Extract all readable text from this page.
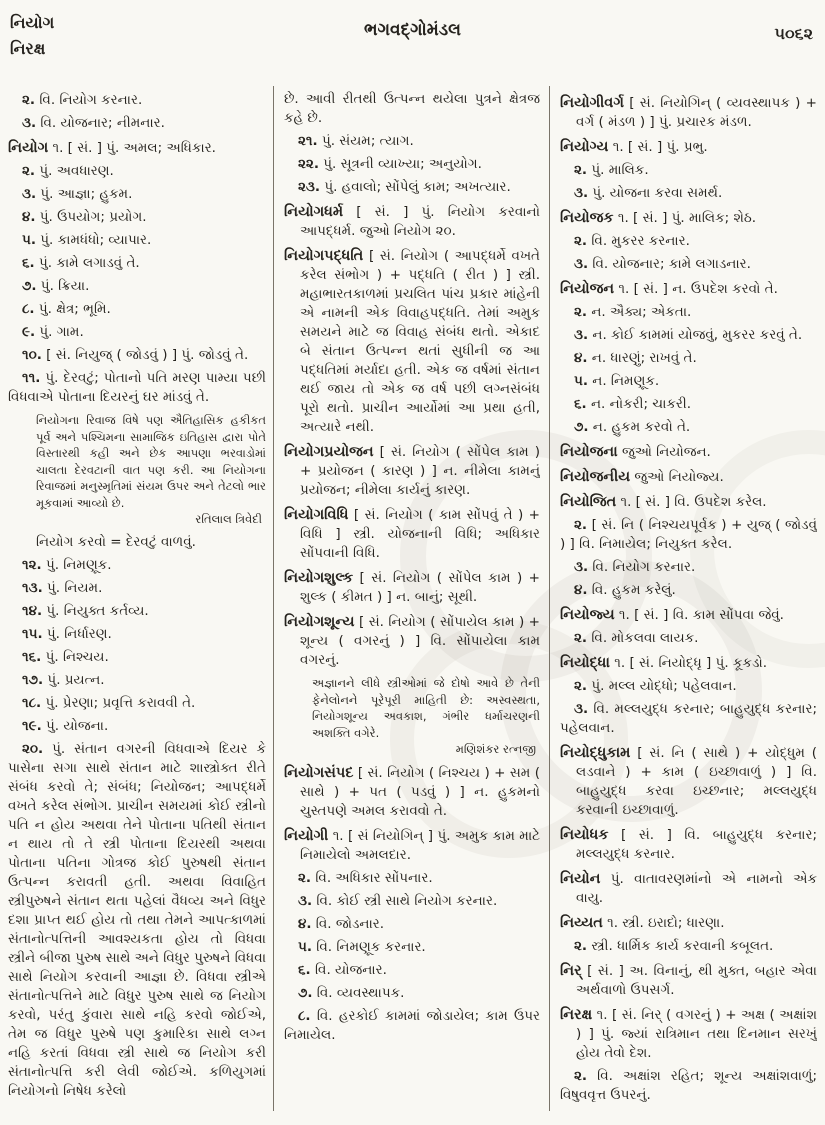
નિયોગ
નિરક્ષ
ભગવદ્ગોમંડલ	૫૦૬૨
૨. વિ. નિયોગ કરનાર.
૩. વિ. યોજનાર; નીમનાર.
નિયોગ ૧. [ સં. ] પું. અમલ; અધિકાર.
૨. પું. અવધારણ.
૩. પું. આજ્ઞા; હુકમ.
૪. પું. ઉપયોગ; પ્રયોગ.
૫. પું. કામધંધો; વ્યાપાર.
૬. પું. કામે લગાડવું તે.
૭. પું. ક્રિયા.
૮. પું. ક્ષેત્ર; ભૂમિ.
૯. પું. ગામ.
૧૦. [ સં. નિયુજ્ ( જોડવું ) ] પું. જોડવું તે.
૧૧. પું. દેરવટું; પોતાનો પતિ મરણ પામ્યા પછી વિધવાએ પોતાના દિયરનું ઘર માંડવું તે.
નિયોગના રિવાજ વિષે પણ ઐતિહાસિક હકીકત પૂર્વ અને પશ્ચિમના સામાજિક ઇતિહાસ દ્વારા પોતે વિસ્તારથી કહી અને છેક આપણા ભરવાડોમાં ચાલતા દેરવટાની વાત પણ કરી. આ નિયોગના રિવાજમાં મનુસ્મૃતિમાં સંયમ ઉપર અને તેટલો ભાર મૂકવામાં આવ્યો છે.
રતિલાલ ત્રિવેદી
નિયોગ કરવો = દેરવટું વાળવું.
૧૨. પું. નિમણૂક.
૧૩. પું. નિયમ.
૧૪. પું. નિયુક્ત કર્તવ્ય.
૧૫. પું. નિર્ધારણ.
૧૬. પું. નિશ્ચય.
૧૭. પું. પ્રયત્ન.
૧૮. પું. પ્રેરણા; પ્રવૃત્તિ કરાવવી તે.
૧૯. પું. યોજના.
૨૦. પું. સંતાન વગરની વિધવાએ દિયર કે પાસેના સગા સાથે સંતાન માટે શાસ્ત્રોક્ત રીતે સંબંધ કરવો તે; સંબંધ; નિયોજન; આપદ્ધર્મે વખતે કરેલ સંભોગ. પ્રાચીન સમયમાં કોઈ સ્ત્રીનો પતિ ન હોય અથવા તેને પોતાના પતિથી સંતાન ન થાય તો તે સ્ત્રી પોતાના દિયરથી અથવા પોતાના પતિના ગોત્રજ કોઈ પુરુષથી સંતાન ઉત્પન્ન કરાવતી હતી. અથવા વિવાહિત સ્ત્રીપુરુષને સંતાન થતા પહેલાં વૈધવ્ય અને વિધુર દશા પ્રાપ્ત થઈ હોય તો તથા તેમને આપત્કાળમાં સંતાનોત્પત્તિની આવશ્યકતા હોય તો વિધવા સ્ત્રીને બીજા પુરુષ સાથે અને વિધુર પુરુષને વિધવા સાથે નિયોગ કરવાની આજ્ઞા છે. વિધવા સ્ત્રીએ સંતાનોત્પત્તિને માટે વિધુર પુરુષ સાથે જ નિયોગ કરવો, પરંતુ કુંવારા સાથે નહિ કરવો જોઈએ, તેમ જ વિધુર પુરુષે પણ કુમારિકા સાથે લગ્ન નહિ કરતાં વિધવા સ્ત્રી સાથે જ નિયોગ કરી સંતાનોત્પત્તિ કરી લેવી જોઈએ. કળિયુગમાં નિયોગનો નિષેધ કરેલો
છે. આવી રીતથી ઉત્પન્ન થયેલા પુત્રને ક્ષેત્રજ કહે છે.
૨૧. પું. સંયમ; ત્યાગ.
૨૨. પું. સૂત્રની વ્યાખ્યા; અનુયોગ.
૨૩. પું. હવાલો; સોંપેલું કામ; અખત્યાર.
નિયોગધર્મ [ સં. ] પું. નિયોગ કરવાનો આપદ્ધર્મ. જુઓ નિયોગ ૨૦.
નિયોગપદ્ધતિ [ સં. નિયોગ ( આપદ્ધર્મે વખતે કરેલ સંભોગ ) + પદ્ધતિ ( રીત ) ] સ્ત્રી. મહાભારતકાળમાં પ્રચલિત પાંચ પ્રકાર માંહેની એ નામની એક વિવાહપદ્ધતિ. તેમાં અમુક સમયને માટે જ વિવાહ સંબંધ થતો. એકાદ બે સંતાન ઉત્પન્ન થતાં સુધીની જ આ પદ્ધતિમાં મર્યાદા હતી. એક જ વર્ષમાં સંતાન થઈ જાય તો એક જ વર્ષ પછી લગ્નસંબંધ પૂરો થતો. પ્રાચીન આર્યોમાં આ પ્રથા હતી, અત્યારે નથી.
નિયોગપ્રયોજન [ સં. નિયોગ ( સોંપેલ કામ ) + પ્રયોજન ( કારણ ) ] ન. નીમેલા કામનું પ્રયોજન; નીમેલા કાર્યનું કારણ.
નિયોગવિધિ [ સં. નિયોગ ( કામ સોંપવું તે ) + વિધિ ] સ્ત્રી. યોજનાની વિધિ; અધિકાર સોંપવાની વિધિ.
નિયોગશુલ્ક [ સં. નિયોગ ( સોંપેલ કામ ) + શુલ્ક ( કીમત ) ] ન. બાનું; સૂથી.
નિયોગશૂન્ય [ સં. નિયોગ ( સોંપાયેલ કામ ) + શૂન્ય ( વગરનું ) ] વિ. સોંપાયેલા કામ વગરનું.
અજ્ઞાનને લીધે સ્ત્રીઓમાં જે દોષો આવે છે તેની ફેનેલોનને પૂરેપૂરી માહિતી છે: અસ્વસ્થતા, નિયોગશૂન્ય અવકાશ, ગંભીર ધર્માચરણની અશક્તિ વગેરે.
મણિશંકર રત્નજી
નિયોગસંપદ [ સં. નિયોગ ( નિશ્ચય ) + સમ ( સાથે ) + પત ( પડવું ) ] ન. હુકમનો ચુસ્તપણે અમલ કરાવવો તે.
નિયોગી ૧. [ સં નિયોગિન્ ] પું. અમુક કામ માટે નિમાયેલો અમલદાર.
૨. વિ. અધિકાર સોંપનાર.
૩. વિ. કોઈ સ્ત્રી સાથે નિયોગ કરનાર.
૪. વિ. જોડનાર.
૫. વિ. નિમણૂક કરનાર.
૬. વિ. યોજનાર.
૭. વિ. વ્યવસ્થાપક.
૮. વિ. હરકોઈ કામમાં જોડાયેલ; કામ ઉપર નિમાયેલ.
નિયોગીવર્ગ [ સં. નિયોગિન્ ( વ્યવસ્થાપક ) + વર્ગ ( મંડળ ) ] પું. પ્રચારક મંડળ.
નિયોગ્ય ૧. [ સં. ] પું. પ્રભુ.
૨. પું. માલિક.
૩. પું. યોજના કરવા સમર્થ.
નિયોજક ૧. [ સં. ] પું. માલિક; શેઠ.
૨. વિ. મુકરર કરનાર.
૩. વિ. યોજનાર; કામે લગાડનાર.
નિયોજન ૧. [ સં. ] ન. ઉપદેશ કરવો તે.
૨. ન. ઐક્ય; એકતા.
૩. ન. કોઈ કામમાં યોજવું, મુકરર કરવું તે.
૪. ન. ધારણું; રાખવું તે.
૫. ન. નિમણૂક.
૬. ન. નોકરી; ચાકરી.
૭. ન. હુકમ કરવો તે.
નિયોજના જુઓ નિયોજન.
નિયોજનીય જુઓ નિયોજ્ય.
નિયોજિત ૧. [ સં. ] વિ. ઉપદેશ કરેલ.
૨. [ સં. નિ ( નિશ્ચયપૂર્વક ) + યુજ્ ( જોડવું ) ] વિ. નિમાયેલ; નિયુક્ત કરેલ.
૩. વિ. નિયોગ કરનાર.
૪. વિ. હુકમ કરેલું.
નિયોજ્ય ૧. [ સં. ] વિ. કામ સોંપવા જેવું.
૨. વિ. મોકલવા લાયક.
નિયોદ્ધા ૧. [ સં. નિયોદ્ધૃ ] પું. કૂકડો.
૨. પું. મલ્લ યોદ્ધો; પહેલવાન.
૩. વિ. મલ્લયુદ્ધ કરનાર; બાહુયુદ્ધ કરનાર; પહેલવાન.
નિયોદ્ધુકામ [ સં. નિ ( સાથે ) + યોદ્ધુમ ( લડવાને ) + કામ ( ઇચ્છાવાળું ) ] વિ. બાહુયુદ્ધ કરવા ઇચ્છનાર; મલ્લયુદ્ધ કરવાની ઇચ્છાવાળું.
નિયોધક [ સં. ] વિ. બાહુયુદ્ધ કરનાર; મલ્લયુદ્ધ કરનાર.
નિયોન પું. વાતાવરણમાંનો એ નામનો એક વાયુ.
નિય્યત ૧. સ્ત્રી. ઇરાદો; ધારણા.
૨. સ્ત્રી. ધાર્મિક કાર્ય કરવાની કબૂલત.
નિર્ [ સં. ] અ. વિનાનું, થી મુક્ત, બહાર એવા અર્થવાળો ઉપસર્ગ.
નિરક્ષ ૧. [ સં. નિર્ ( વગરનું ) + અક્ષ ( અક્ષાંશ ) ] પું. જ્યાં રાત્રિમાન તથા દિનમાન સરખું હોય તેવો દેશ.
૨. વિ. અક્ષાંશ રહિત; શૂન્ય અક્ષાંશવાળું; વિષુવવૃત્ત ઉપરનું.
